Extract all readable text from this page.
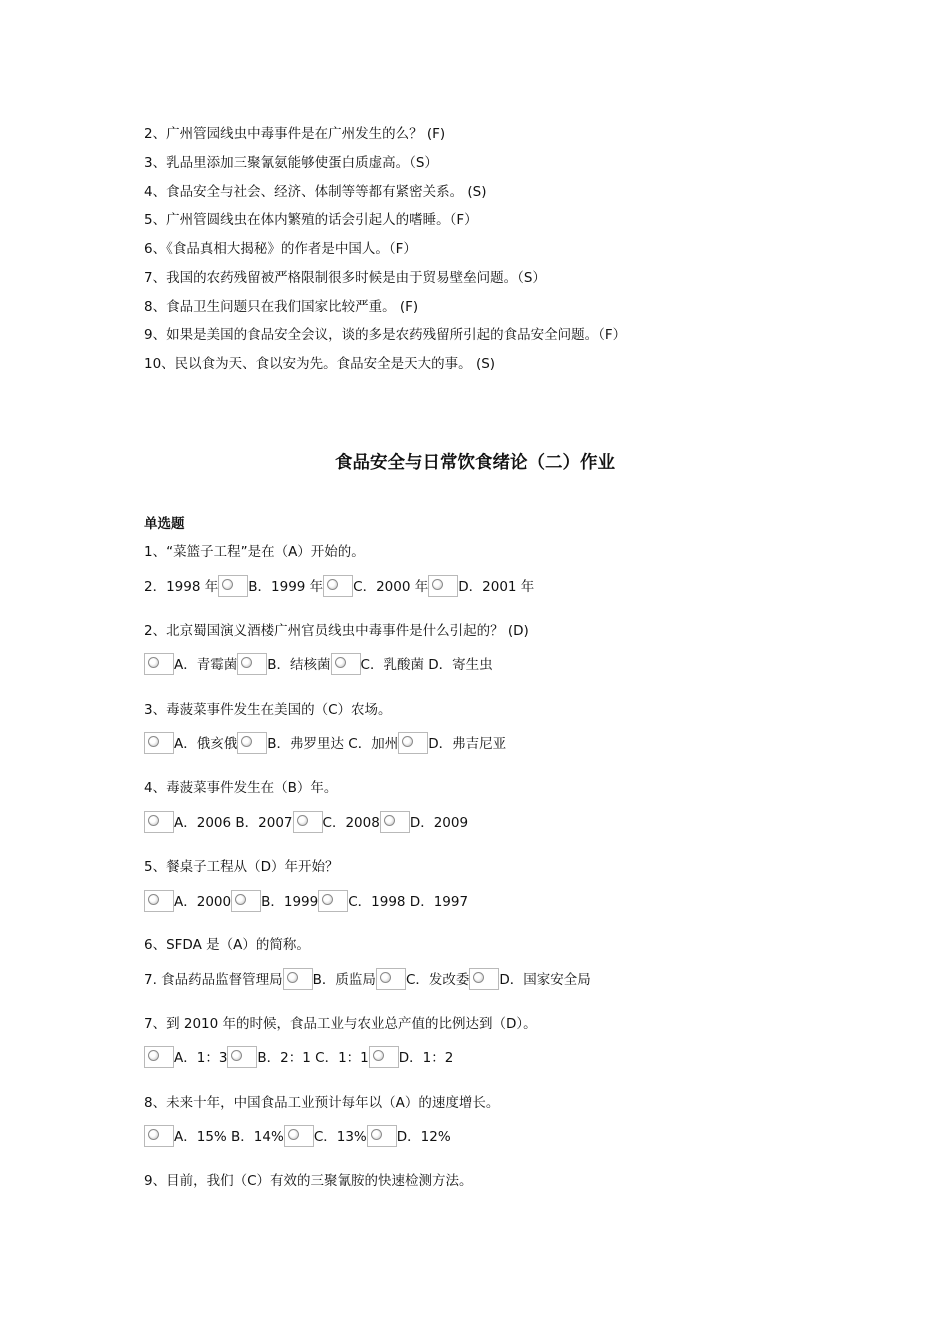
2、广州管园线虫中毒事件是在广州发生的么？ (F)
3、乳品里添加三聚氰氨能够使蛋白质虚高。（S）
4、食品安全与社会、经济、体制等等都有紧密关系。 (S)
5、广州管圆线虫在体内繁殖的话会引起人的嗜睡。（F）
6、《食品真相大揭秘》的作者是中国人。（F）
7、我国的农药残留被严格限制很多时候是由于贸易壁垒问题。（S）
8、食品卫生问题只在我们国家比较严重。 (F)
9、如果是美国的食品安全会议，谈的多是农药残留所引起的食品安全问题。（F）
10、民以食为天、食以安为先。食品安全是天大的事。 (S)
食品安全与日常饮食绪论（二）作业
单选题
1、“菜篮子工程”是在（A）开始的。
2．1998 年B．1999 年C．2000 年D．2001 年
2、北京蜀国演义酒楼广州官员线虫中毒事件是什么引起的？ (D)
A．青霉菌B．结核菌C．乳酸菌 D．寄生虫
3、毒菠菜事件发生在美国的（C）农场。
A．俄亥俄B．弗罗里达 C．加州D．弗吉尼亚
4、毒菠菜事件发生在（B）年。
A．2006 B．2007C．2008D．2009
5、餐桌子工程从（D）年开始？
A．2000B．1999C．1998 D．1997
6、SFDA 是（A）的简称。
7. 食品药品监督管理局B．质监局C．发改委D．国家安全局
7、到 2010 年的时候，食品工业与农业总产值的比例达到（D）。
A．1：3B．2：1 C．1：1D．1：2
8、未来十年，中国食品工业预计每年以（A）的速度增长。
A．15% B．14%C．13% D．12%
9、目前，我们（C）有效的三聚氰胺的快速检测方法。
